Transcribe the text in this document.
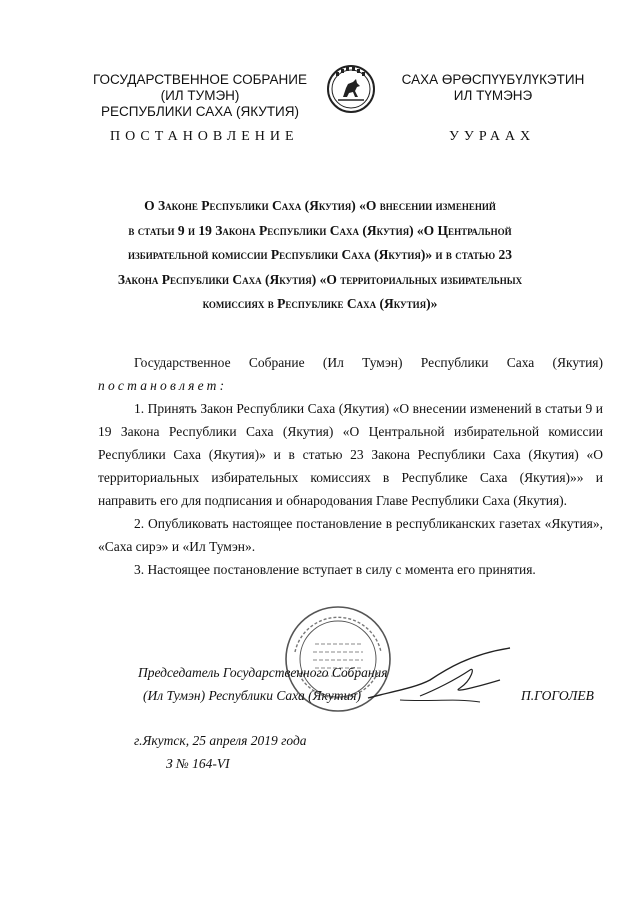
ГОСУДАРСТВЕННОЕ СОБРАНИЕ
(ИЛ ТУМЭН)
РЕСПУБЛИКИ САХА (ЯКУТИЯ)
САХА ӨРӨСПҮҮБҮЛҮКЭТИН
ИЛ ТҮМЭНЭ
ПОСТАНОВЛЕНИЕ	УУРААХ
О Законе Республики Саха (Якутия) «О внесении изменений
в статьи 9 и 19 Закона Республики Саха (Якутия) «О Центральной
избирательной комиссии Республики Саха (Якутия)» и в статью 23
Закона Республики Саха (Якутия) «О территориальных избирательных
комиссиях в Республике Саха (Якутия)»
Государственное Собрание (Ил Тумэн) Республики Саха (Якутия)
постановляет:
1. Принять Закон Республики Саха (Якутия) «О внесении изменений в статьи 9 и 19 Закона Республики Саха (Якутия) «О Центральной избирательной комиссии Республики Саха (Якутия)» и в статью 23 Закона Республики Саха (Якутия) «О территориальных избирательных комиссиях в Республике Саха (Якутия)»» и направить его для подписания и обнародования Главе Республики Саха (Якутия).
2. Опубликовать настоящее постановление в республиканских газетах «Якутия», «Саха сирэ» и «Ил Тумэн».
3. Настоящее постановление вступает в силу с момента его принятия.
Председатель Государственного Собрания
(Ил Тумэн) Республики Саха (Якутия)	П.ГОГОЛЕВ
г.Якутск, 25 апреля 2019 года
З № 164-VI
